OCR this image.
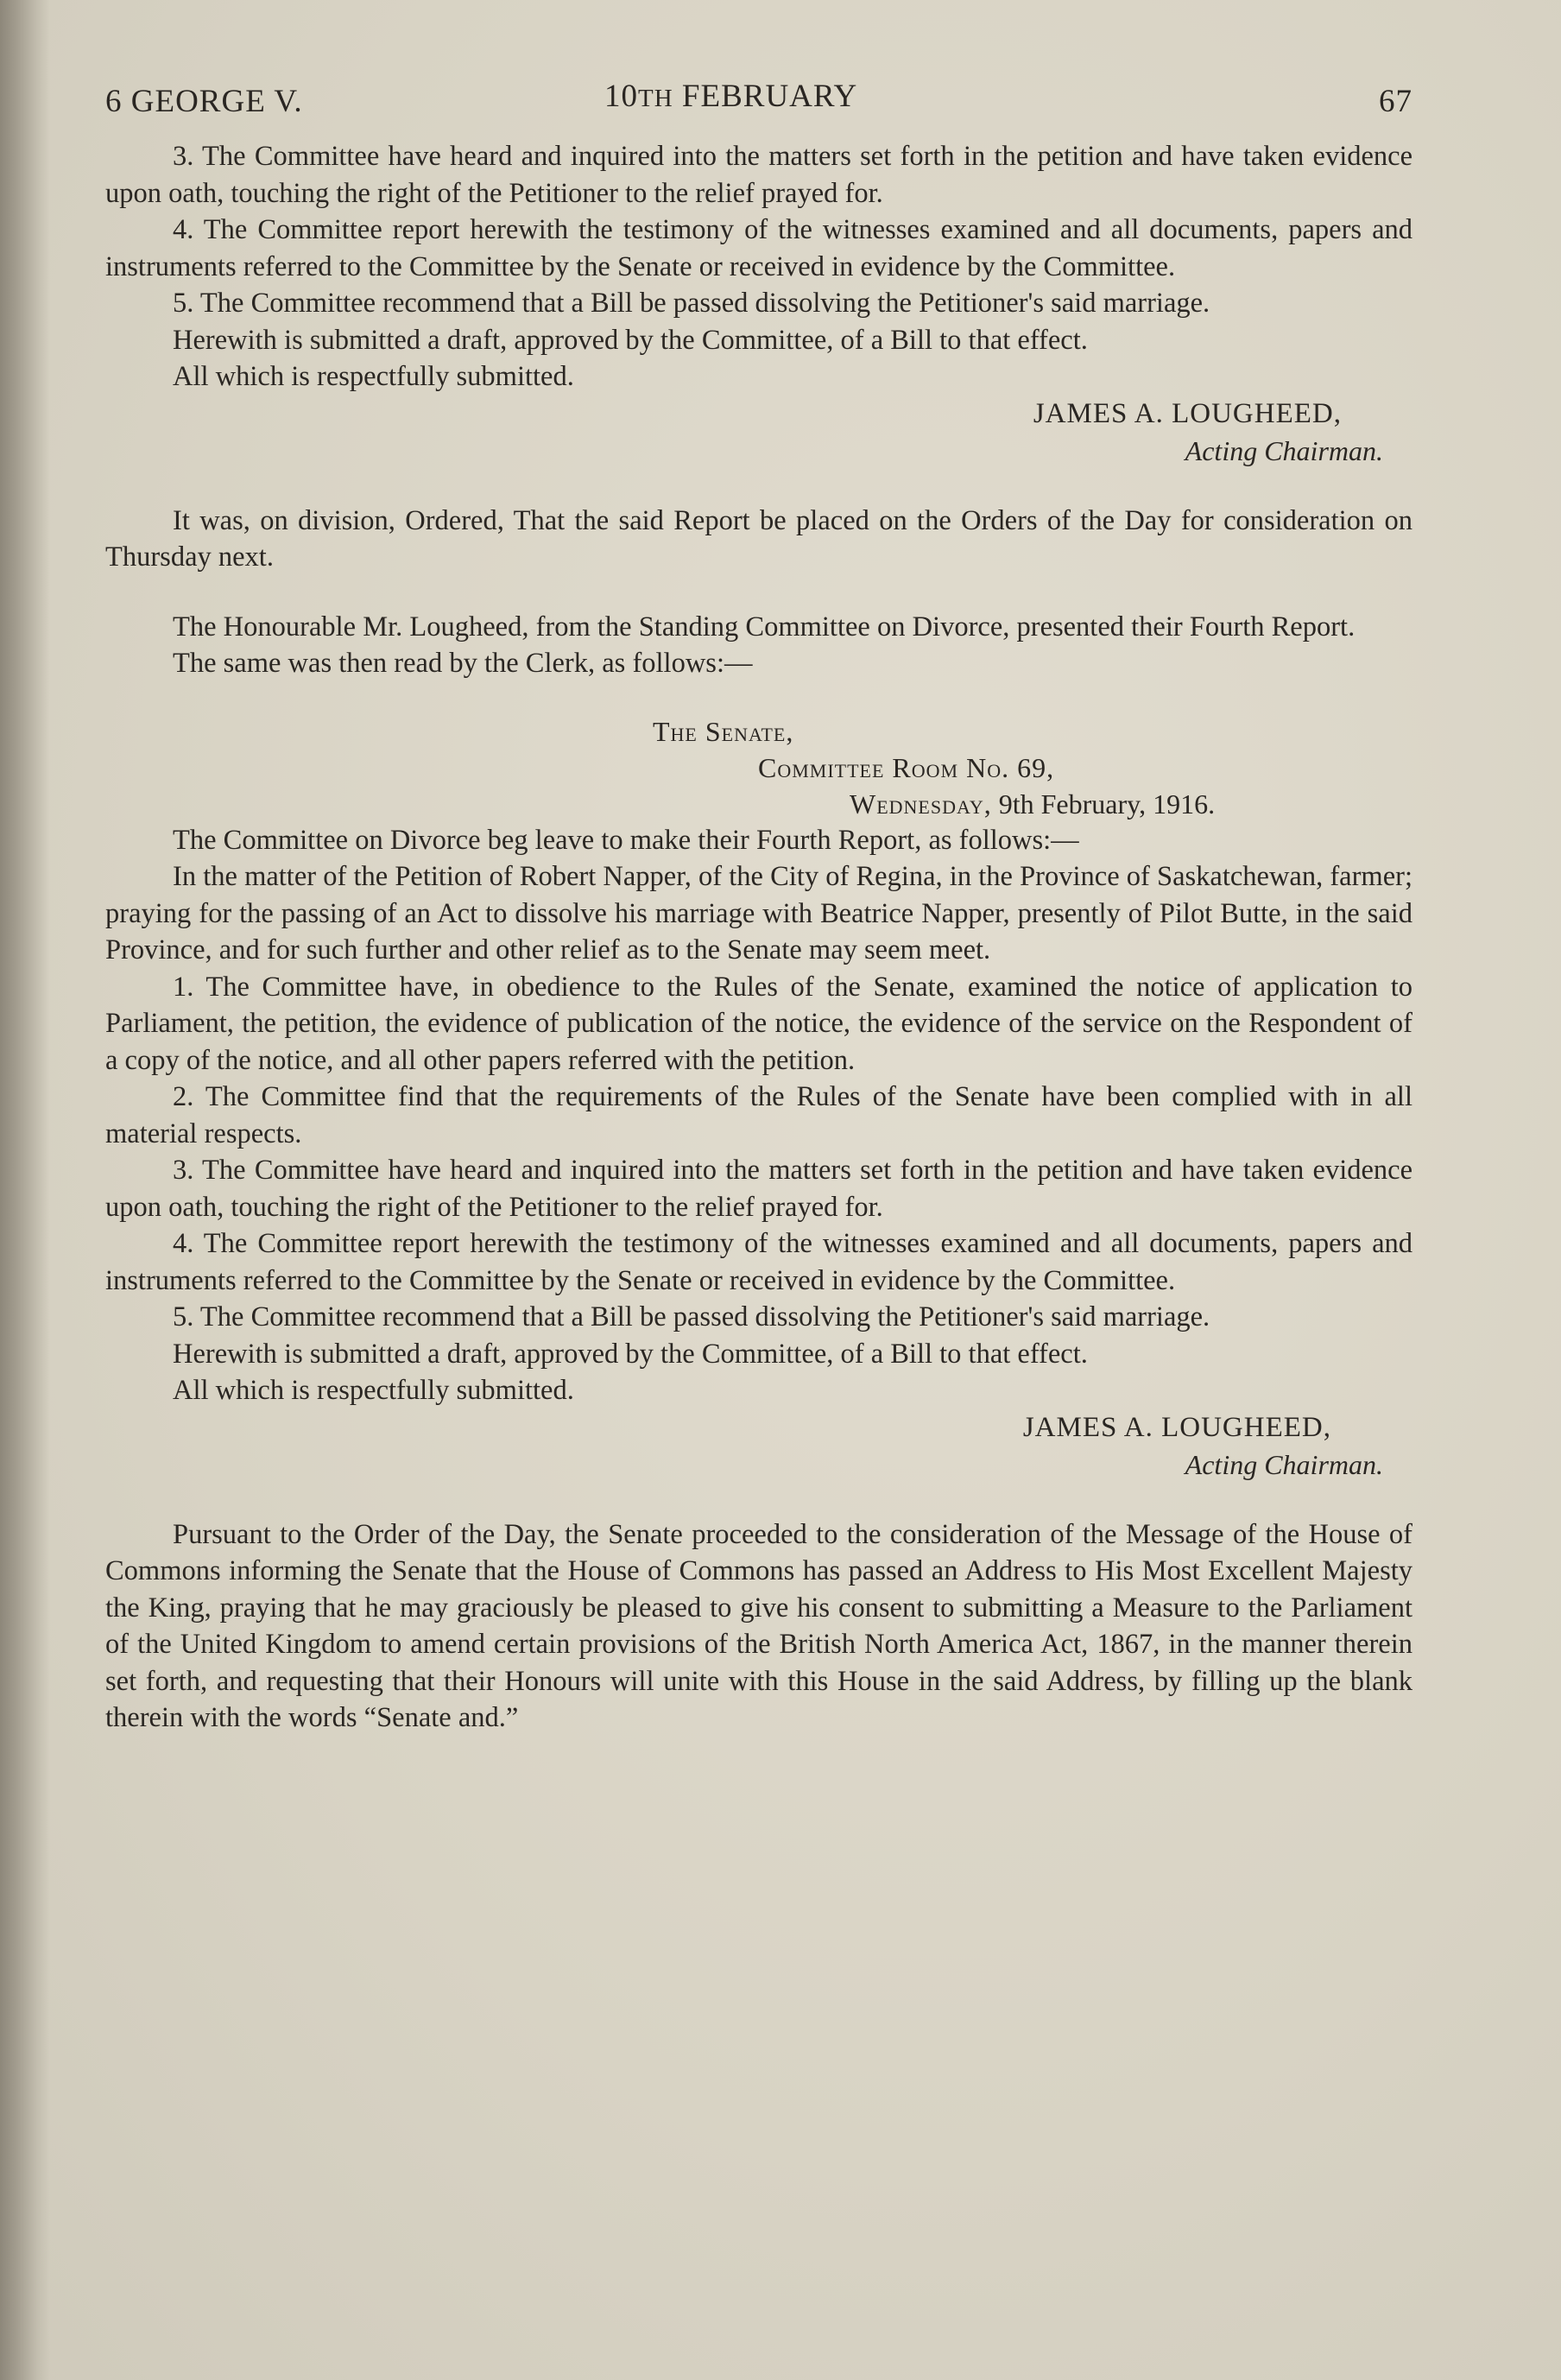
6 GEORGE V.	10TH FEBRUARY	67

3. The Committee have heard and inquired into the matters set forth in the petition and have taken evidence upon oath, touching the right of the Petitioner to the relief prayed for.

4. The Committee report herewith the testimony of the witnesses examined and all documents, papers and instruments referred to the Committee by the Senate or received in evidence by the Committee.

5. The Committee recommend that a Bill be passed dissolving the Petitioner's said marriage.

Herewith is submitted a draft, approved by the Committee, of a Bill to that effect.

All which is respectfully submitted.

JAMES A. LOUGHEED,
Acting Chairman.

It was, on division, Ordered, That the said Report be placed on the Orders of the Day for consideration on Thursday next.

The Honourable Mr. Lougheed, from the Standing Committee on Divorce, presented their Fourth Report.

The same was then read by the Clerk, as follows:—

The Senate,
Committee Room No. 69,
Wednesday, 9th February, 1916.

The Committee on Divorce beg leave to make their Fourth Report, as follows:—

In the matter of the Petition of Robert Napper, of the City of Regina, in the Province of Saskatchewan, farmer; praying for the passing of an Act to dissolve his marriage with Beatrice Napper, presently of Pilot Butte, in the said Province, and for such further and other relief as to the Senate may seem meet.

1. The Committee have, in obedience to the Rules of the Senate, examined the notice of application to Parliament, the petition, the evidence of publication of the notice, the evidence of the service on the Respondent of a copy of the notice, and all other papers referred with the petition.

2. The Committee find that the requirements of the Rules of the Senate have been complied with in all material respects.

3. The Committee have heard and inquired into the matters set forth in the petition and have taken evidence upon oath, touching the right of the Petitioner to the relief prayed for.

4. The Committee report herewith the testimony of the witnesses examined and all documents, papers and instruments referred to the Committee by the Senate or received in evidence by the Committee.

5. The Committee recommend that a Bill be passed dissolving the Petitioner's said marriage.

Herewith is submitted a draft, approved by the Committee, of a Bill to that effect.

All which is respectfully submitted.

JAMES A. LOUGHEED,
Acting Chairman.

Pursuant to the Order of the Day, the Senate proceeded to the consideration of the Message of the House of Commons informing the Senate that the House of Commons has passed an Address to His Most Excellent Majesty the King, praying that he may graciously be pleased to give his consent to submitting a Measure to the Parliament of the United Kingdom to amend certain provisions of the British North America Act, 1867, in the manner therein set forth, and requesting that their Honours will unite with this House in the said Address, by filling up the blank therein with the words “Senate and.”
